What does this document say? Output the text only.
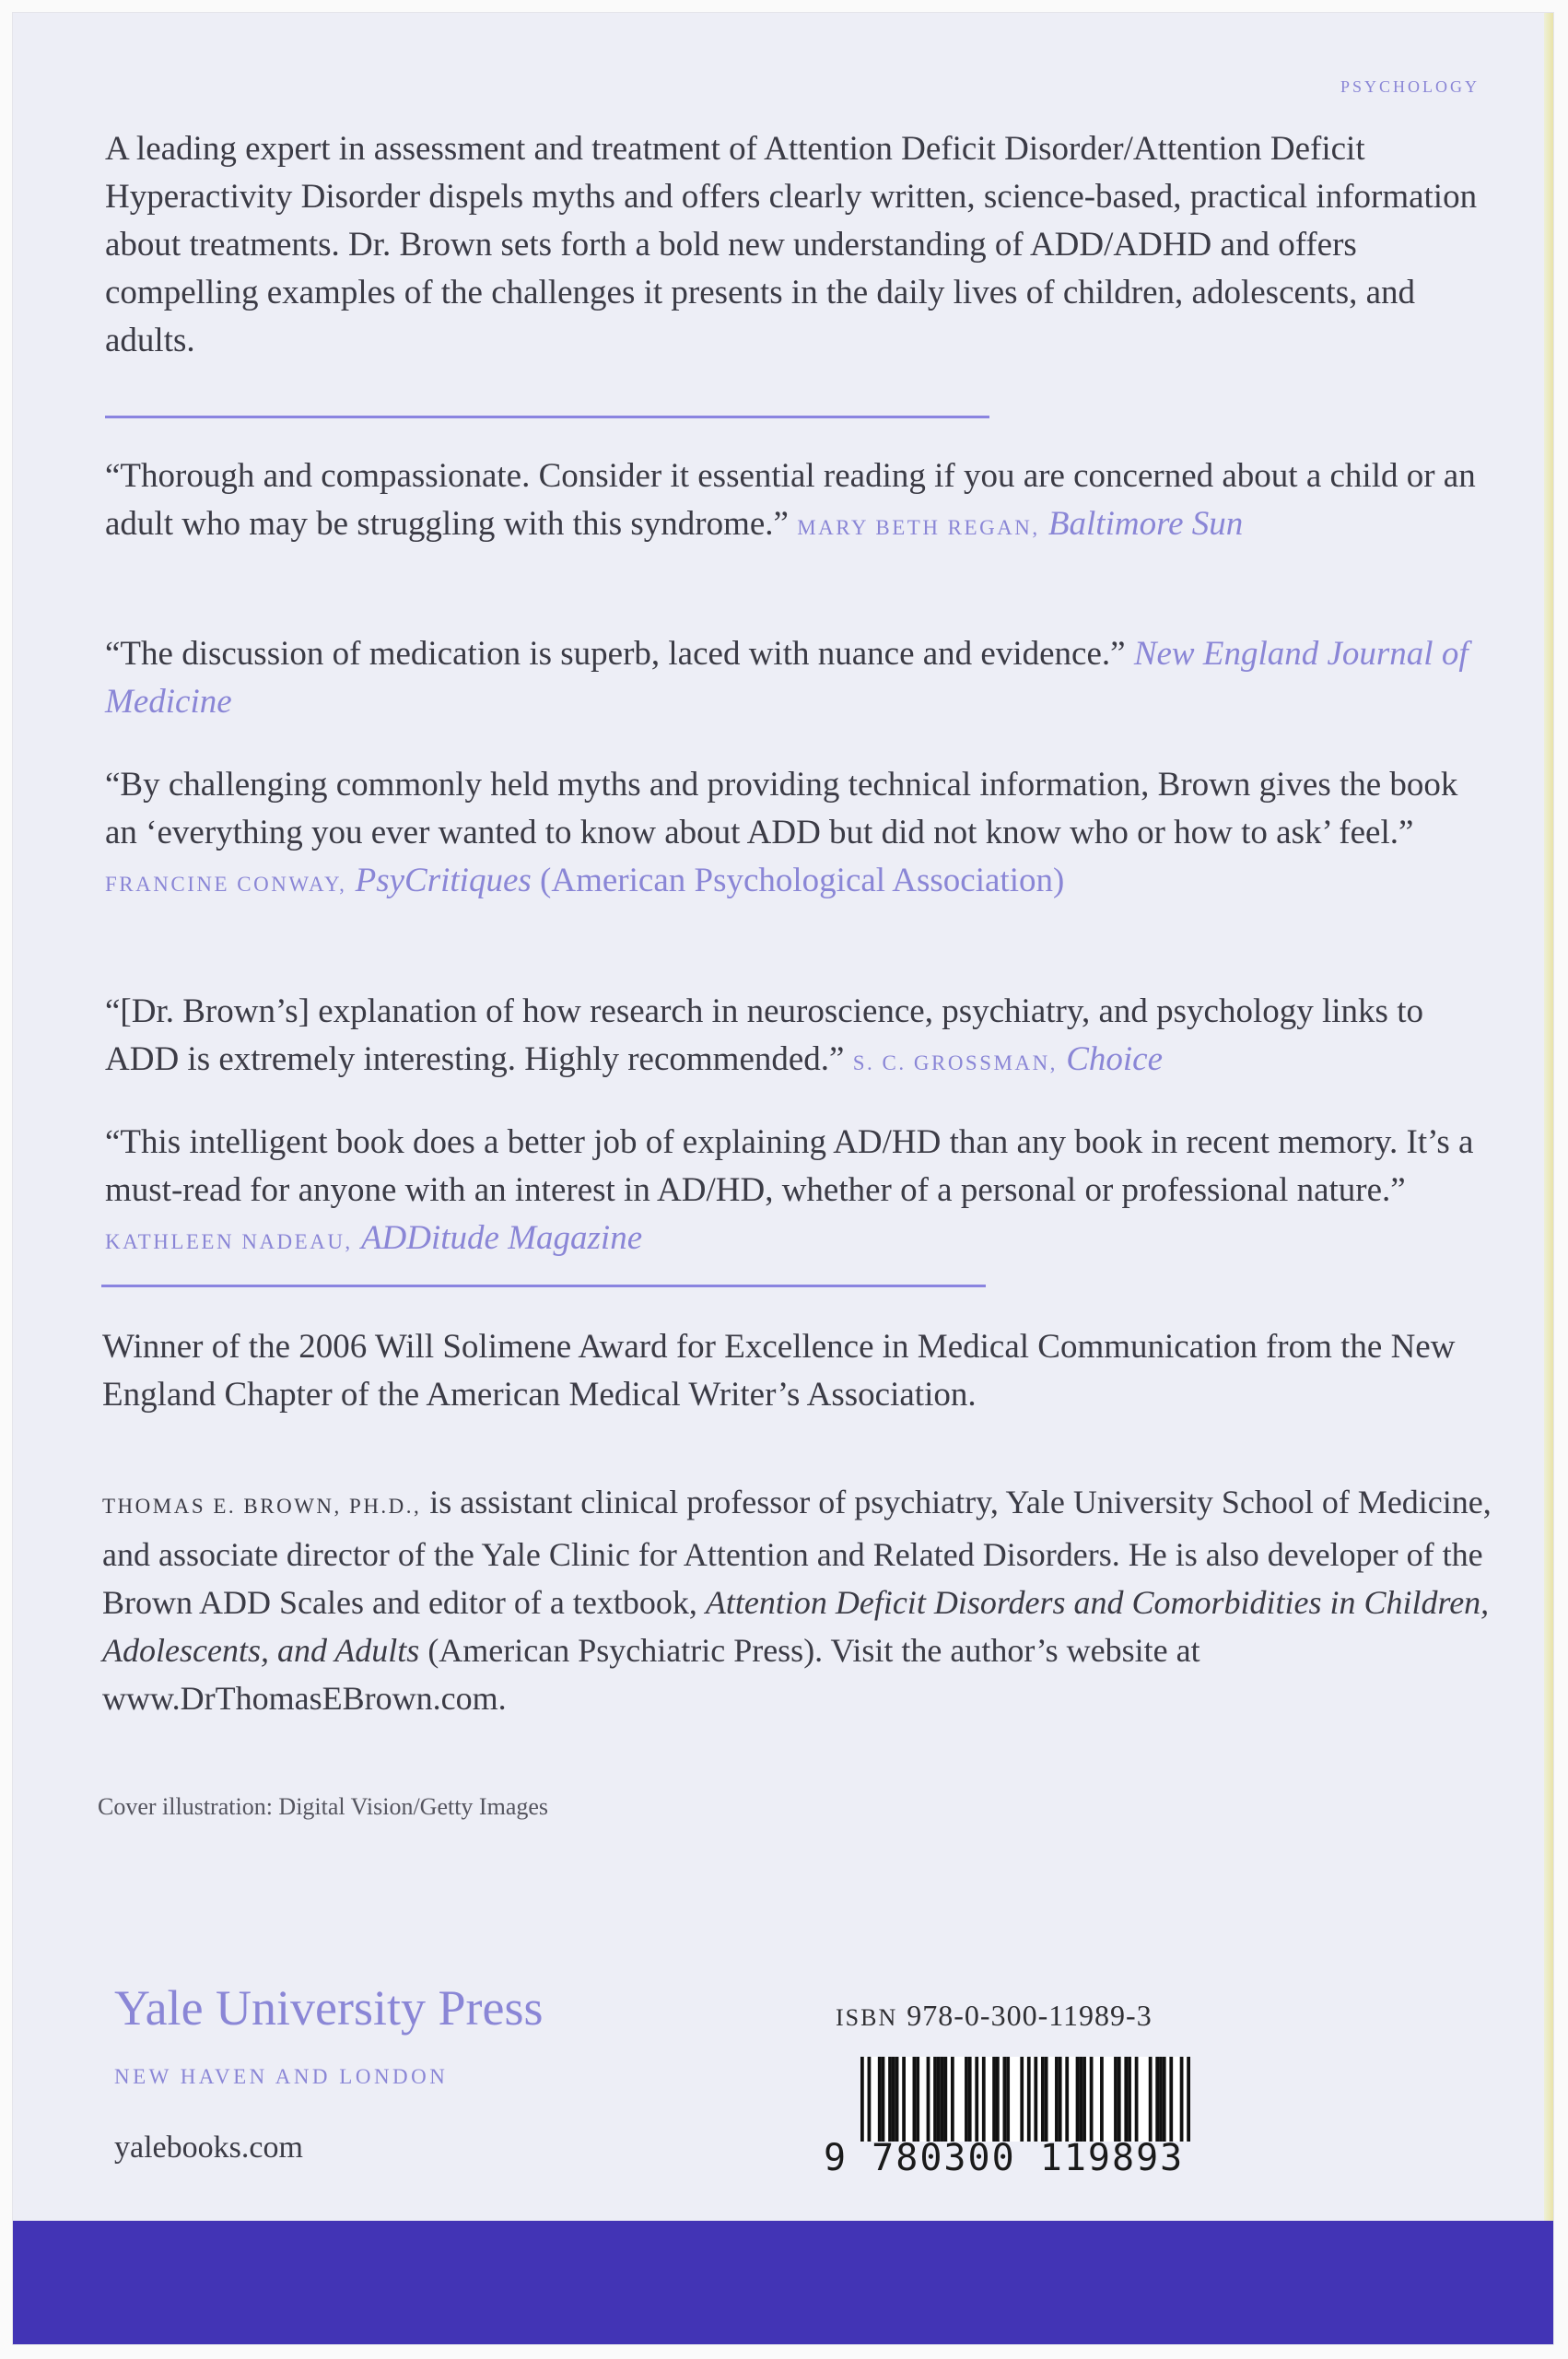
PSYCHOLOGY

A leading expert in assessment and treatment of Attention Deficit Disorder/Attention Deficit Hyperactivity Disorder dispels myths and offers clearly written, science-based, practical information about treatments. Dr. Brown sets forth a bold new understanding of ADD/ADHD and offers compelling examples of the challenges it presents in the daily lives of children, adolescents, and adults.

“Thorough and compassionate. Consider it essential reading if you are concerned about a child or an adult who may be struggling with this syndrome.” MARY BETH REGAN, Baltimore Sun

“The discussion of medication is superb, laced with nuance and evidence.” New England Journal of Medicine

“By challenging commonly held myths and providing technical information, Brown gives the book an ‘everything you ever wanted to know about ADD but did not know who or how to ask’ feel.” FRANCINE CONWAY, PsyCritiques (American Psychological Association)

“[Dr. Brown’s] explanation of how research in neuroscience, psychiatry, and psychology links to ADD is extremely interesting. Highly recommended.” S. C. GROSSMAN, Choice

“This intelligent book does a better job of explaining AD/HD than any book in recent memory. It’s a must-read for anyone with an interest in AD/HD, whether of a personal or professional nature.” KATHLEEN NADEAU, ADDitude Magazine

Winner of the 2006 Will Solimene Award for Excellence in Medical Communication from the New England Chapter of the American Medical Writer’s Association.

THOMAS E. BROWN, PH.D., is assistant clinical professor of psychiatry, Yale University School of Medicine, and associate director of the Yale Clinic for Attention and Related Disorders. He is also developer of the Brown ADD Scales and editor of a textbook, Attention Deficit Disorders and Comorbidities in Children, Adolescents, and Adults (American Psychiatric Press). Visit the author’s website at www.DrThomasEBrown.com.

Cover illustration: Digital Vision/Getty Images
Yale University Press
NEW HAVEN AND LONDON
yalebooks.com
ISBN 978-0-300-11989-3
9 780300 119893
